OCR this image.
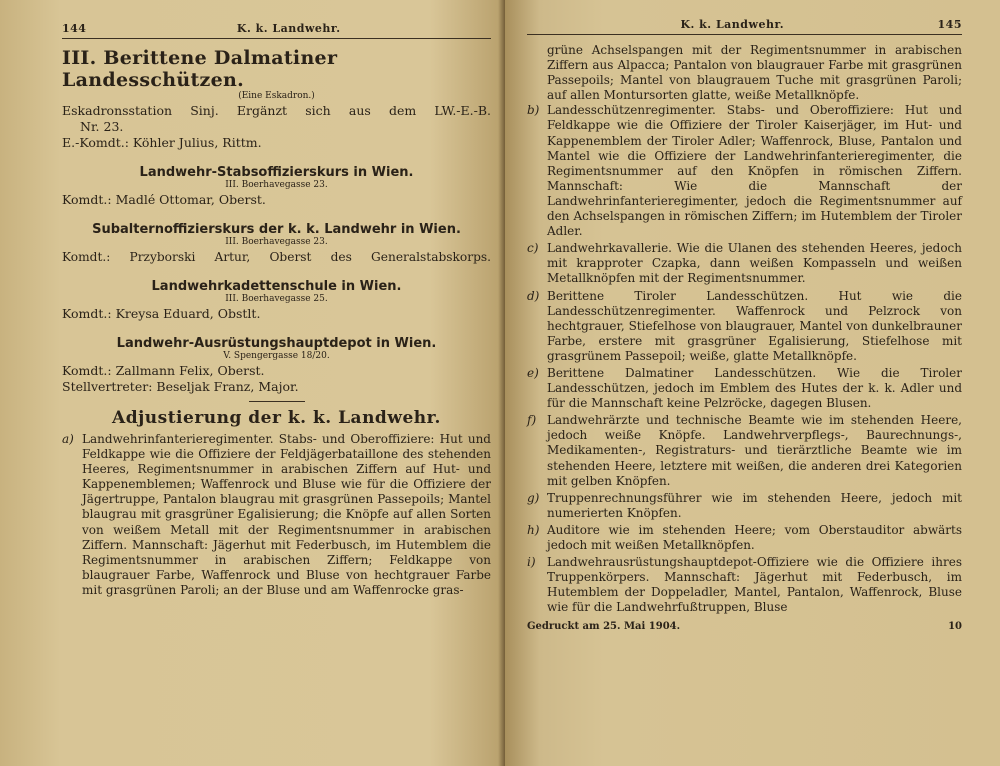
144	K. k. Landwehr.
III. Berittene Dalmatiner Landesschützen.
(Eine Eskadron.)
Eskadronsstation Sinj. Ergänzt sich aus dem LW.-E.-B.
Nr. 23.
E.-Komdt.: Köhler Julius, Rittm.
Landwehr-Stabsoffizierskurs in Wien.
III. Boerhavegasse 23.
Komdt.: Madlé Ottomar, Oberst.
Subalternoffizierskurs der k. k. Landwehr in Wien.
III. Boerhavegasse 23.
Komdt.: Przyborski Artur, Oberst des Generalstabskorps.
Landwehrkadettenschule in Wien.
III. Boerhavegasse 25.
Komdt.: Kreysa Eduard, Obstlt.
Landwehr-Ausrüstungshauptdepot in Wien.
V. Spengergasse 18/20.
Komdt.: Zallmann Felix, Oberst.
Stellvertreter: Beseljak Franz, Major.
Adjustierung der k. k. Landwehr.
a) Landwehrinfanterieregimenter. Stabs- und Oberoffiziere: Hut und Feldkappe wie die Offiziere der Feldjägerbataillone des stehenden Heeres, Regimentsnummer in arabischen Ziffern auf Hut- und Kappenemblemen; Waffenrock und Bluse wie für die Offiziere der Jägertruppe, Pantalon blaugrau mit grasgrünen Passepoils; Mantel blaugrau mit grasgrüner Egalisierung; die Knöpfe auf allen Sorten von weißem Metall mit der Regimentsnummer in arabischen Ziffern. Mannschaft: Jägerhut mit Federbusch, im Hutemblem die Regimentsnummer in arabischen Ziffern; Feldkappe von blaugrauer Farbe, Waffenrock und Bluse von hechtgrauer Farbe mit grasgrünen Paroli; an der Bluse und am Waffenrocke gras-
K. k. Landwehr.	145
grüne Achselspangen mit der Regimentsnummer in arabischen Ziffern aus Alpacca; Pantalon von blaugrauer Farbe mit grasgrünen Passepoils; Mantel von blaugrauem Tuche mit grasgrünen Paroli; auf allen Montursorten glatte, weiße Metallknöpfe.
b) Landesschützenregimenter. Stabs- und Oberoffiziere: Hut und Feldkappe wie die Offiziere der Tiroler Kaiserjäger, im Hut- und Kappenemblem der Tiroler Adler; Waffenrock, Bluse, Pantalon und Mantel wie die Offiziere der Landwehrinfanterieregimenter, die Regimentsnummer auf den Knöpfen in römischen Ziffern. Mannschaft: Wie die Mannschaft der Landwehrinfanterieregimenter, jedoch die Regimentsnummer auf den Achselspangen in römischen Ziffern; im Hutemblem der Tiroler Adler.
c) Landwehrkavallerie. Wie die Ulanen des stehenden Heeres, jedoch mit krapproter Czapka, dann weißen Kompasseln und weißen Metallknöpfen mit der Regimentsnummer.
d) Berittene Tiroler Landesschützen. Hut wie die Landesschützenregimenter. Waffenrock und Pelzrock von hechtgrauer, Stiefelhose von blaugrauer, Mantel von dunkelbrauner Farbe, erstere mit grasgrüner Egalisierung, Stiefelhose mit grasgrünem Passepoil; weiße, glatte Metallknöpfe.
e) Berittene Dalmatiner Landesschützen. Wie die Tiroler Landesschützen, jedoch im Emblem des Hutes der k. k. Adler und für die Mannschaft keine Pelzröcke, dagegen Blusen.
f) Landwehrärzte und technische Beamte wie im stehenden Heere, jedoch weiße Knöpfe. Landwehrverpflegs-, Baurechnungs-, Medikamenten-, Registraturs- und tierärztliche Beamte wie im stehenden Heere, letztere mit weißen, die anderen drei Kategorien mit gelben Knöpfen.
g) Truppenrechnungsführer wie im stehenden Heere, jedoch mit numerierten Knöpfen.
h) Auditore wie im stehenden Heere; vom Oberstauditor abwärts jedoch mit weißen Metallknöpfen.
i) Landwehrausrüstungshauptdepot-Offiziere wie die Offiziere ihres Truppenkörpers. Mannschaft: Jägerhut mit Federbusch, im Hutemblem der Doppeladler, Mantel, Pantalon, Waffenrock, Bluse wie für die Landwehrfußtruppen, Bluse
Gedruckt am 25. Mai 1904.	10
